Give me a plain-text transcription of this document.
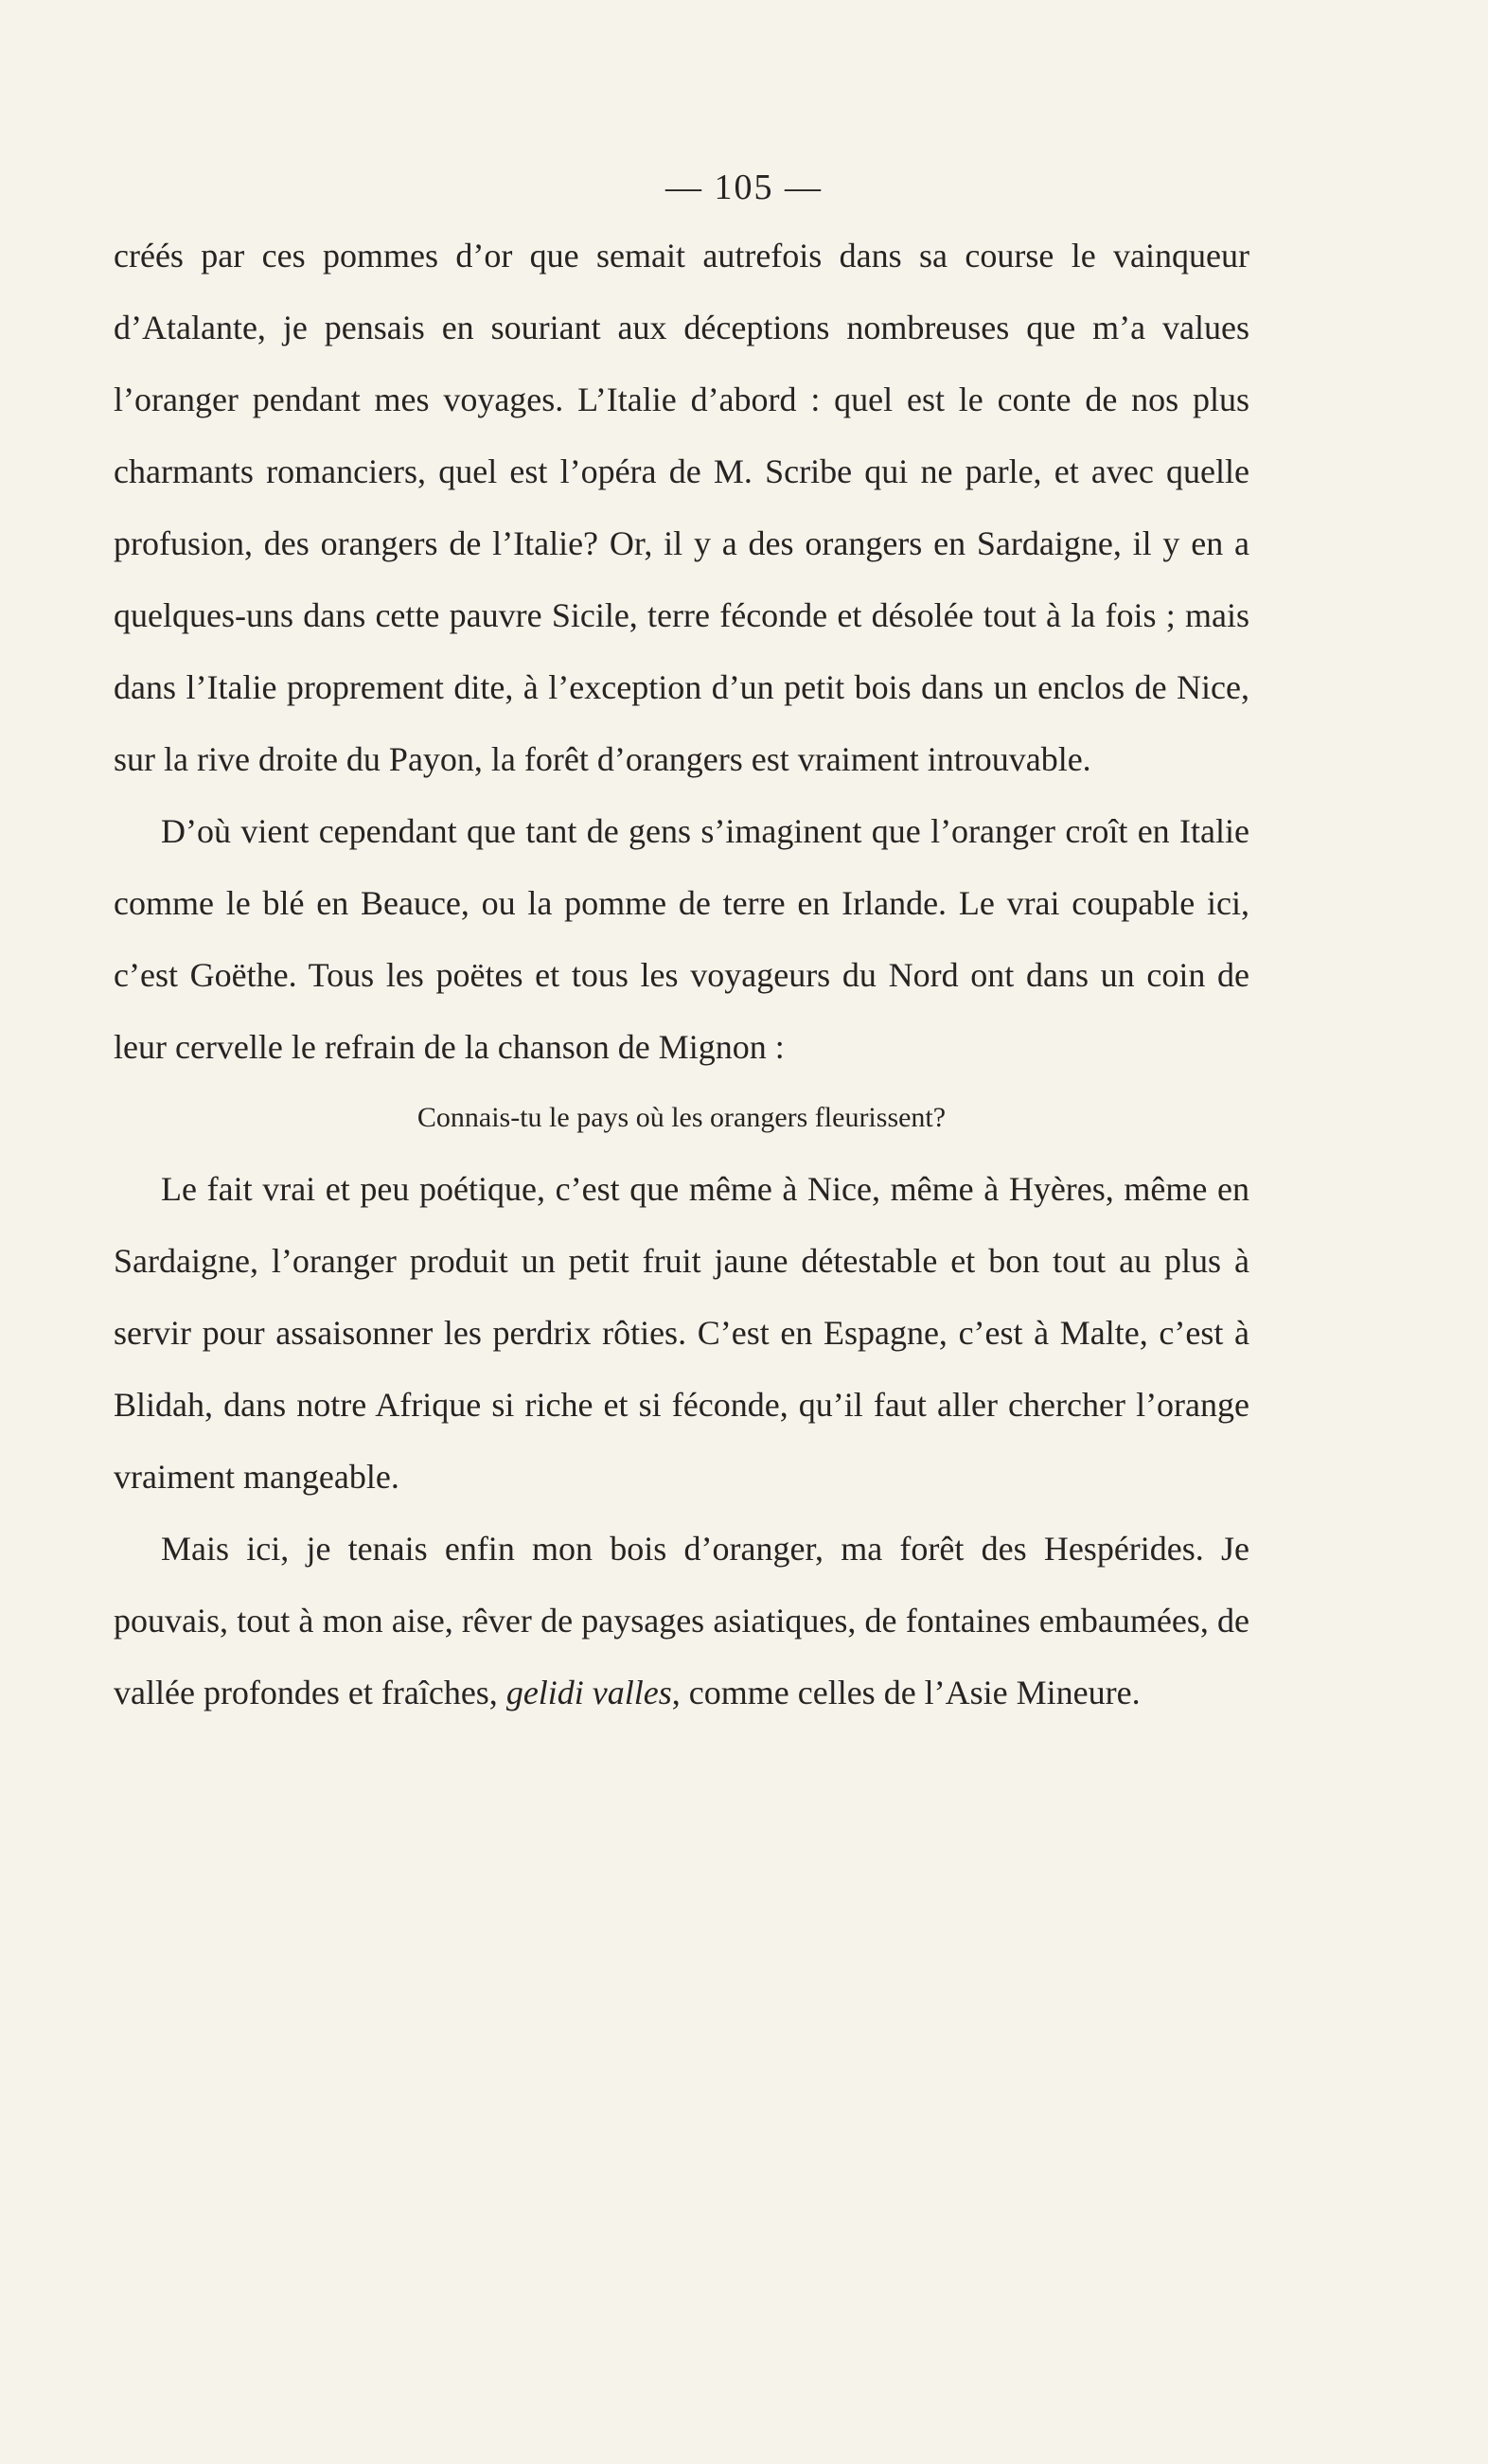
— 105 —

créés par ces pommes d’or que semait autrefois dans sa course le vainqueur d’Atalante, je pensais en souriant aux déceptions nombreuses que m’a values l’oranger pendant mes voyages. L’Italie d’abord : quel est le conte de nos plus charmants romanciers, quel est l’opéra de M. Scribe qui ne parle, et avec quelle profusion, des orangers de l’Italie? Or, il y a des orangers en Sardaigne, il y en a quelques-uns dans cette pauvre Sicile, terre féconde et désolée tout à la fois ; mais dans l’Italie proprement dite, à l’exception d’un petit bois dans un enclos de Nice, sur la rive droite du Payon, la forêt d’orangers est vraiment introuvable.

D’où vient cependant que tant de gens s’imaginent que l’oranger croît en Italie comme le blé en Beauce, ou la pomme de terre en Irlande. Le vrai coupable ici, c’est Goëthe. Tous les poëtes et tous les voyageurs du Nord ont dans un coin de leur cervelle le refrain de la chanson de Mignon :

Connais-tu le pays où les orangers fleurissent?

Le fait vrai et peu poétique, c’est que même à Nice, même à Hyères, même en Sardaigne, l’oranger produit un petit fruit jaune détestable et bon tout au plus à servir pour assaisonner les perdrix rôties. C’est en Espagne, c’est à Malte, c’est à Blidah, dans notre Afrique si riche et si féconde, qu’il faut aller chercher l’orange vraiment mangeable.

Mais ici, je tenais enfin mon bois d’oranger, ma forêt des Hespérides. Je pouvais, tout à mon aise, rêver de paysages asiatiques, de fontaines embaumées, de vallée profondes et fraîches, gelidi valles, comme celles de l’Asie Mineure.
